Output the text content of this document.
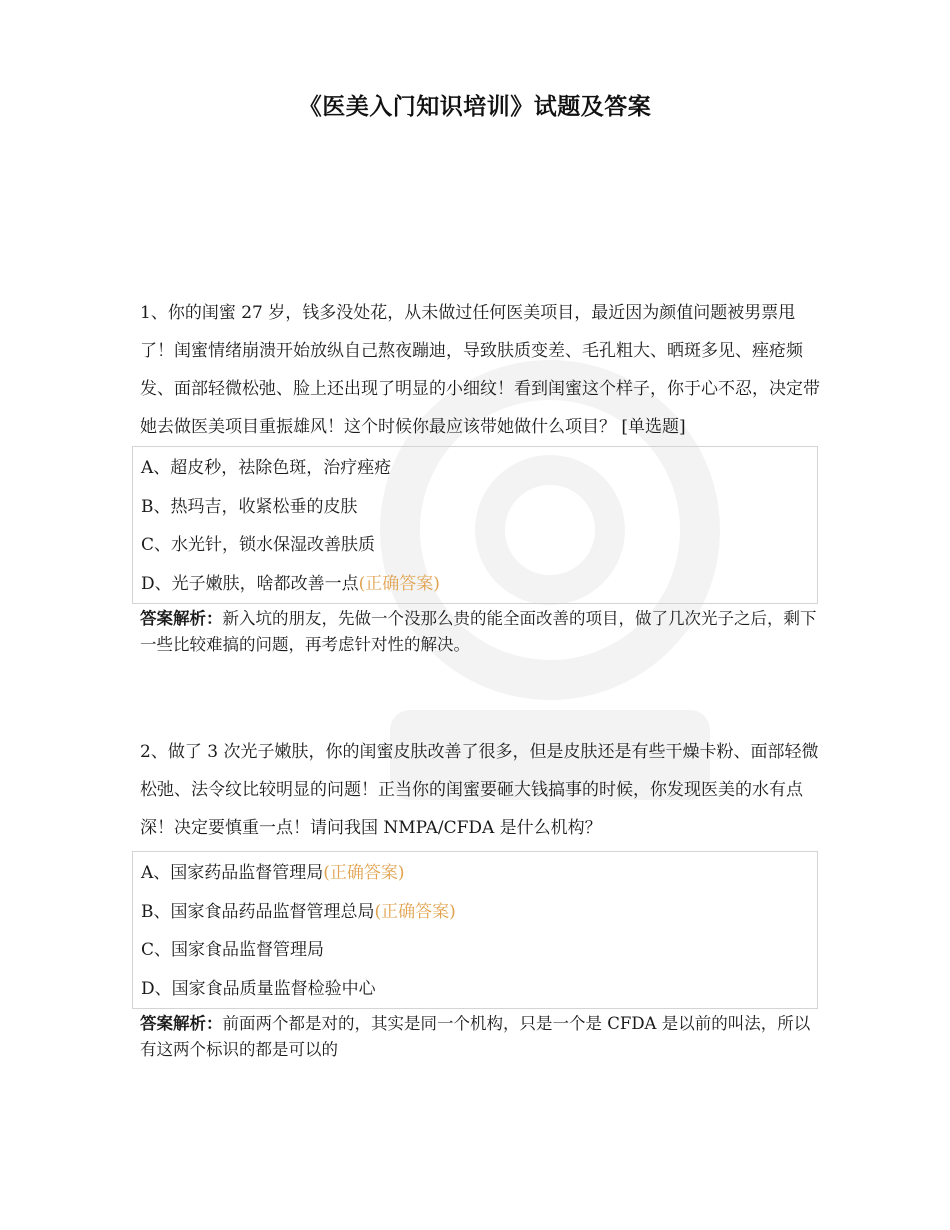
《医美入门知识培训》试题及答案

1、你的闺蜜 27 岁，钱多没处花，从未做过任何医美项目，最近因为颜值问题被男票甩了！闺蜜情绪崩溃开始放纵自己熬夜蹦迪，导致肤质变差、毛孔粗大、晒斑多见、痤疮频发、面部轻微松弛、脸上还出现了明显的小细纹！看到闺蜜这个样子，你于心不忍，决定带她去做医美项目重振雄风！这个时候你最应该带她做什么项目？ [单选题]

A、超皮秒，祛除色斑，治疗痤疮
B、热玛吉，收紧松垂的皮肤
C、水光针，锁水保湿改善肤质
D、光子嫩肤，啥都改善一点(正确答案)

答案解析：新入坑的朋友，先做一个没那么贵的能全面改善的项目，做了几次光子之后，剩下一些比较难搞的问题，再考虑针对性的解决。

2、做了 3 次光子嫩肤，你的闺蜜皮肤改善了很多，但是皮肤还是有些干燥卡粉、面部轻微松弛、法令纹比较明显的问题！正当你的闺蜜要砸大钱搞事的时候，你发现医美的水有点深！决定要慎重一点！请问我国 NMPA/CFDA 是什么机构？

A、国家药品监督管理局(正确答案)
B、国家食品药品监督管理总局(正确答案)
C、国家食品监督管理局
D、国家食品质量监督检验中心

答案解析：前面两个都是对的，其实是同一个机构，只是一个是 CFDA 是以前的叫法，所以有这两个标识的都是可以的
